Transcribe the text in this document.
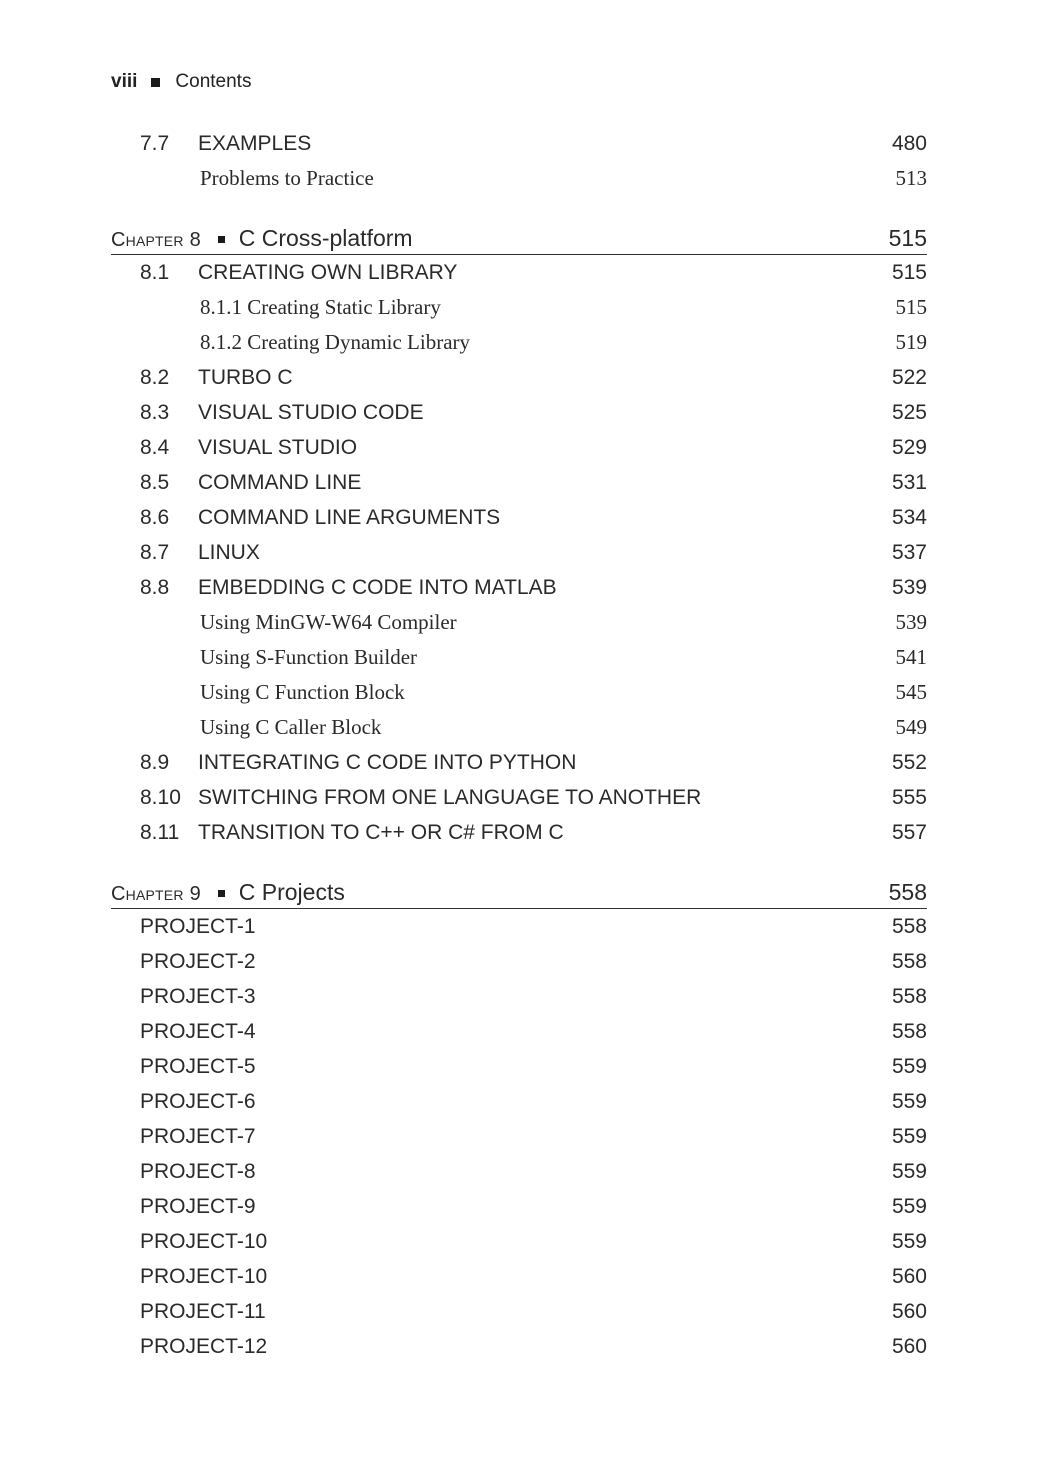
viii Contents
7.7 EXAMPLES	480
Problems to Practice	513
Chapter 8 C Cross-platform	515
8.1 CREATING OWN LIBRARY	515
8.1.1 Creating Static Library	515
8.1.2 Creating Dynamic Library	519
8.2 TURBO C	522
8.3 VISUAL STUDIO CODE	525
8.4 VISUAL STUDIO	529
8.5 COMMAND LINE	531
8.6 COMMAND LINE ARGUMENTS	534
8.7 LINUX	537
8.8 EMBEDDING C CODE INTO MATLAB	539
Using MinGW-W64 Compiler	539
Using S-Function Builder	541
Using C Function Block	545
Using C Caller Block	549
8.9 INTEGRATING C CODE INTO PYTHON	552
8.10 SWITCHING FROM ONE LANGUAGE TO ANOTHER	555
8.11 TRANSITION TO C++ OR C# FROM C	557
Chapter 9 C Projects	558
PROJECT-1	558
PROJECT-2	558
PROJECT-3	558
PROJECT-4	558
PROJECT-5	559
PROJECT-6	559
PROJECT-7	559
PROJECT-8	559
PROJECT-9	559
PROJECT-10	559
PROJECT-10	560
PROJECT-11	560
PROJECT-12	560
